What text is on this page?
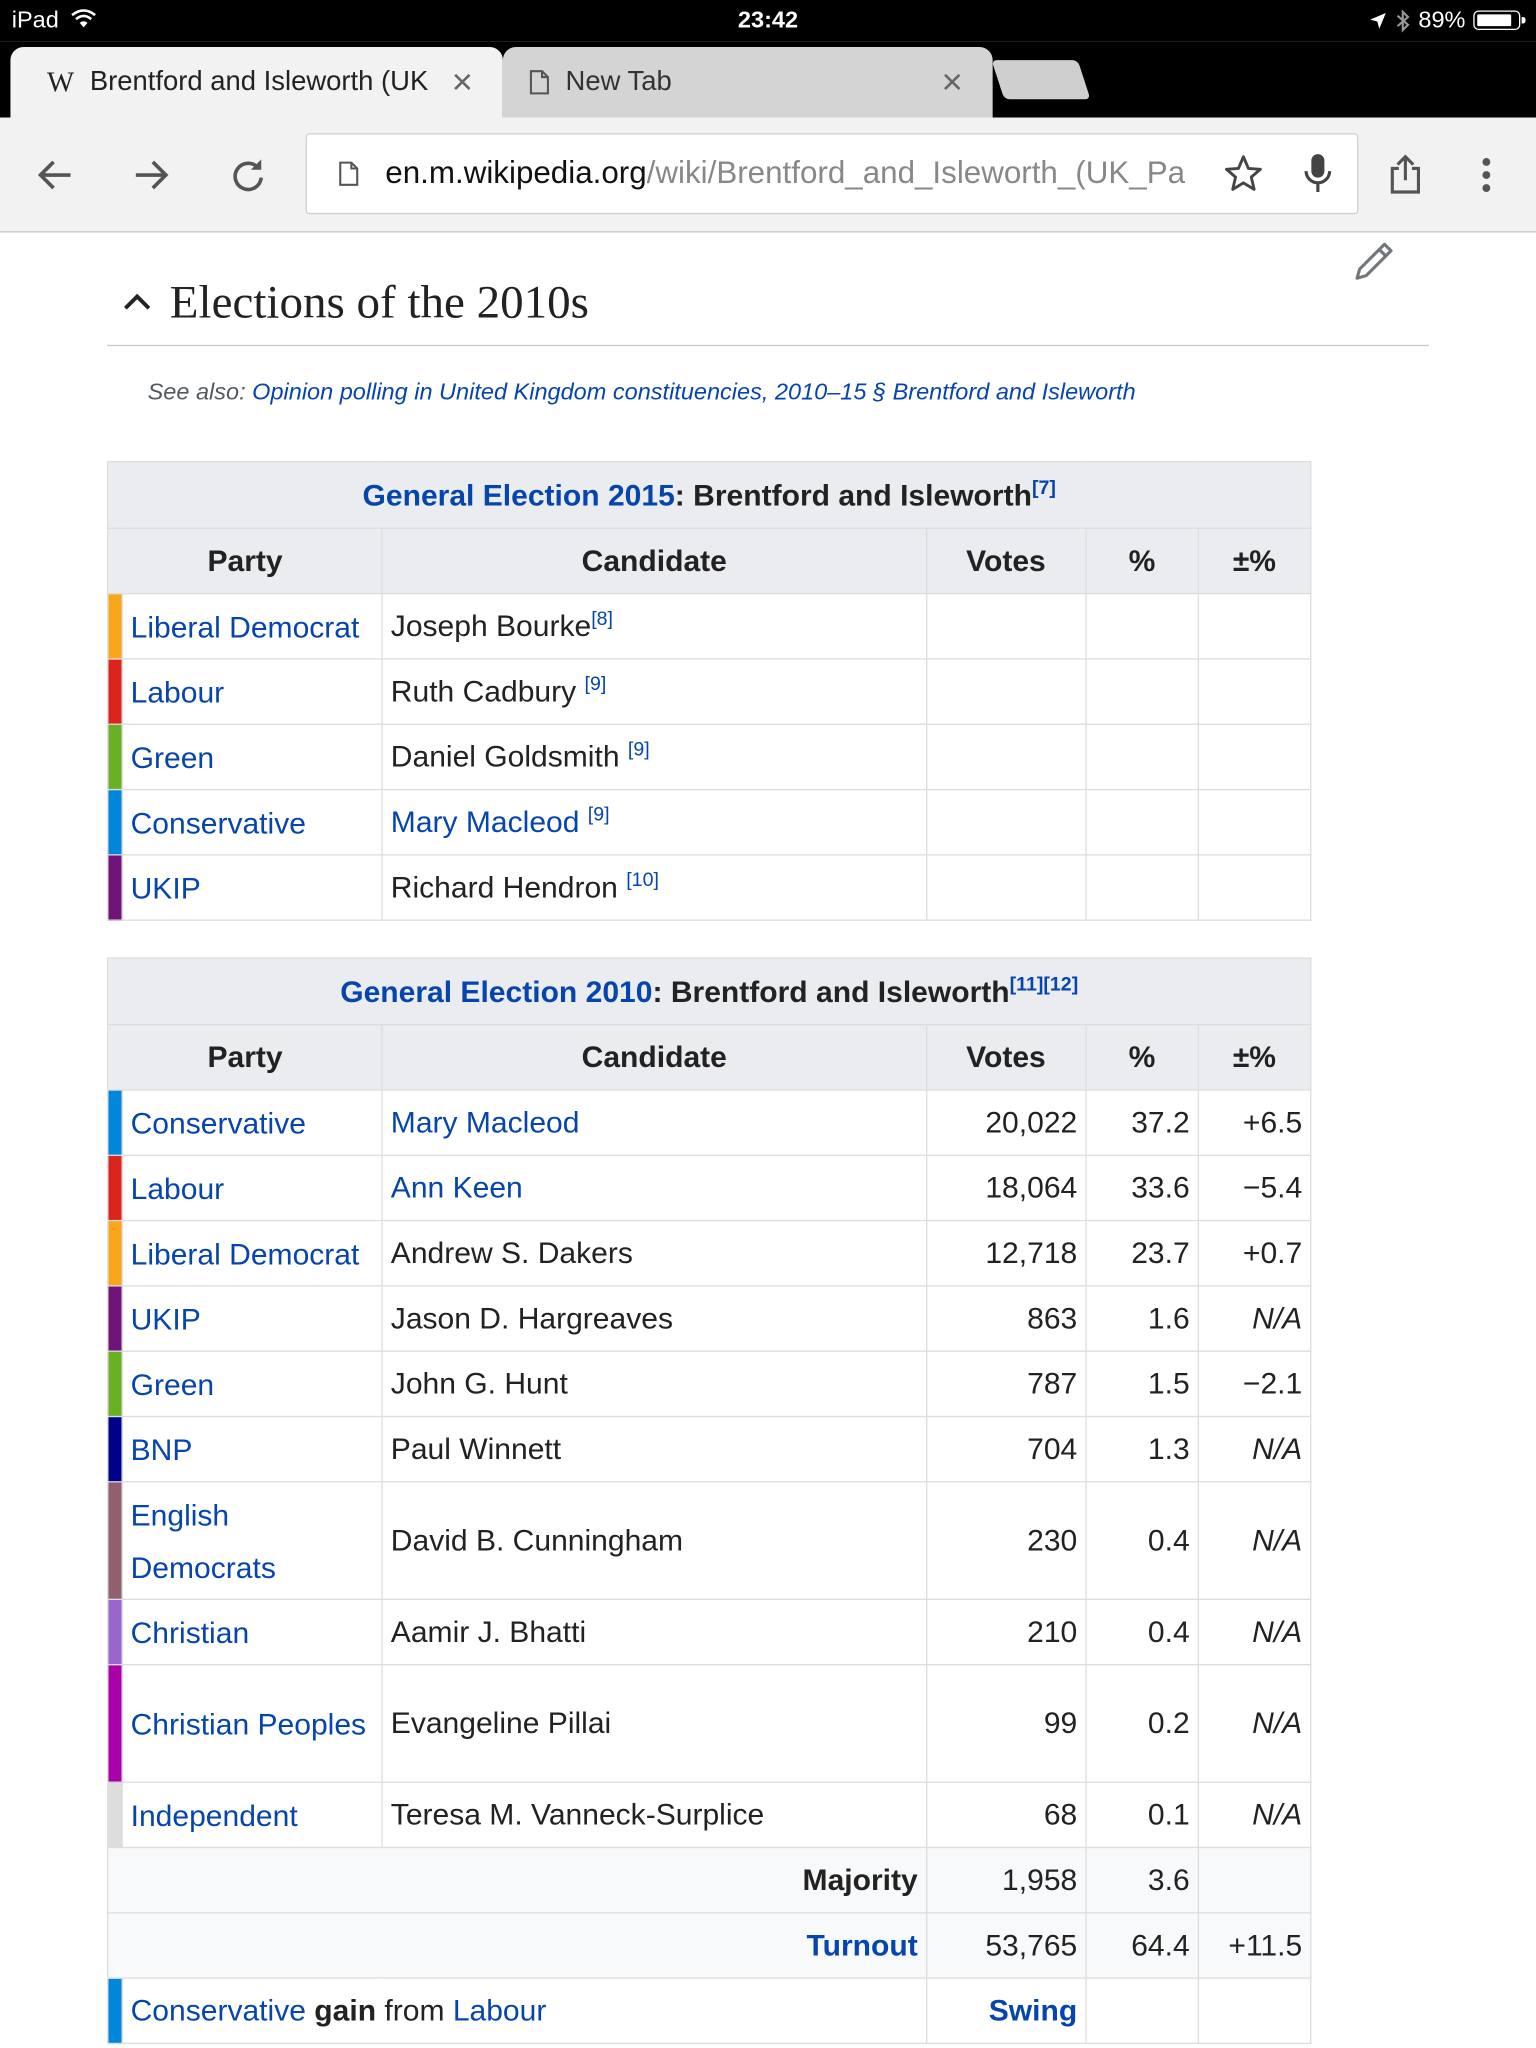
iPad	23:42	89%
W Brentford and Isleworth (UK ×	New Tab	×
en.m.wikipedia.org/wiki/Brentford_and_Isleworth_(UK_Pa
Elections of the 2010s
See also: Opinion polling in United Kingdom constituencies, 2010–15 § Brentford and Isleworth
General Election 2015: Brentford and Isleworth[7]
Party		Candidate	Votes	%	±%
	Liberal Democrat	Joseph Bourke[8]			
	Labour	Ruth Cadbury [9]			
	Green	Daniel Goldsmith [9]			
	Conservative	Mary Macleod [9]			
	UKIP	Richard Hendron [10]			
General Election 2010: Brentford and Isleworth[11][12]
Party		Candidate	Votes	%	±%
	Conservative	Mary Macleod	20,022	37.2	+6.5
	Labour	Ann Keen	18,064	33.6	−5.4
	Liberal Democrat	Andrew S. Dakers	12,718	23.7	+0.7
	UKIP	Jason D. Hargreaves	863	1.6	N/A
	Green	John G. Hunt	787	1.5	−2.1
	BNP	Paul Winnett	704	1.3	N/A
	English Democrats	David B. Cunningham	230	0.4	N/A
	Christian	Aamir J. Bhatti	210	0.4	N/A
	Christian Peoples	Evangeline Pillai	99	0.2	N/A
	Independent	Teresa M. Vanneck-Surplice	68	0.1	N/A
Majority			1,958	3.6	
Turnout			53,765	64.4	+11.5
	Conservative gain from Labour		Swing		
